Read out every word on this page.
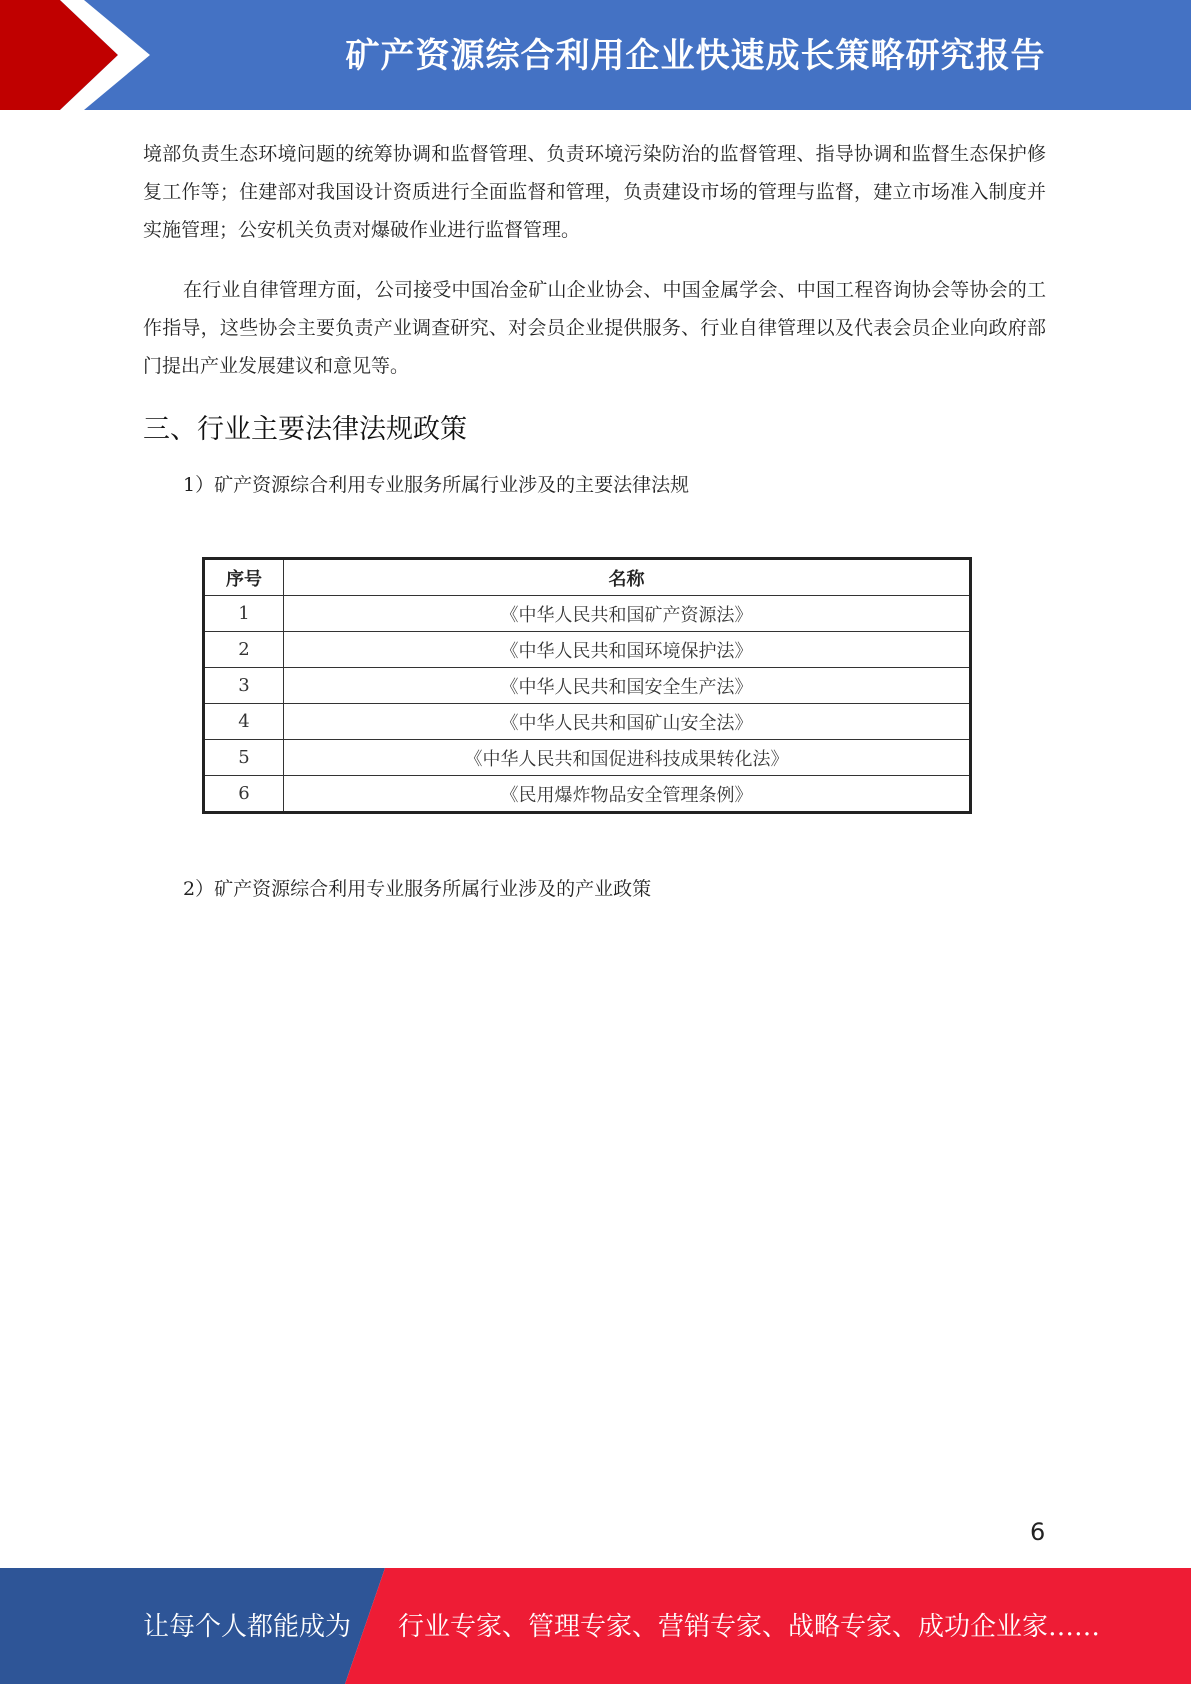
矿产资源综合利用企业快速成长策略研究报告

境部负责生态环境问题的统筹协调和监督管理、负责环境污染防治的监督管理、指导协调和监督生态保护修复工作等；住建部对我国设计资质进行全面监督和管理，负责建设市场的管理与监督，建立市场准入制度并实施管理；公安机关负责对爆破作业进行监督管理。

在行业自律管理方面，公司接受中国冶金矿山企业协会、中国金属学会、中国工程咨询协会等协会的工作指导，这些协会主要负责产业调查研究、对会员企业提供服务、行业自律管理以及代表会员企业向政府部门提出产业发展建议和意见等。

三、行业主要法律法规政策

1）矿产资源综合利用专业服务所属行业涉及的主要法律法规

序号	名称
1	《中华人民共和国矿产资源法》
2	《中华人民共和国环境保护法》
3	《中华人民共和国安全生产法》
4	《中华人民共和国矿山安全法》
5	《中华人民共和国促进科技成果转化法》
6	《民用爆炸物品安全管理条例》

2）矿产资源综合利用专业服务所属行业涉及的产业政策

6
让每个人都能成为 行业专家、管理专家、营销专家、战略专家、成功企业家……
